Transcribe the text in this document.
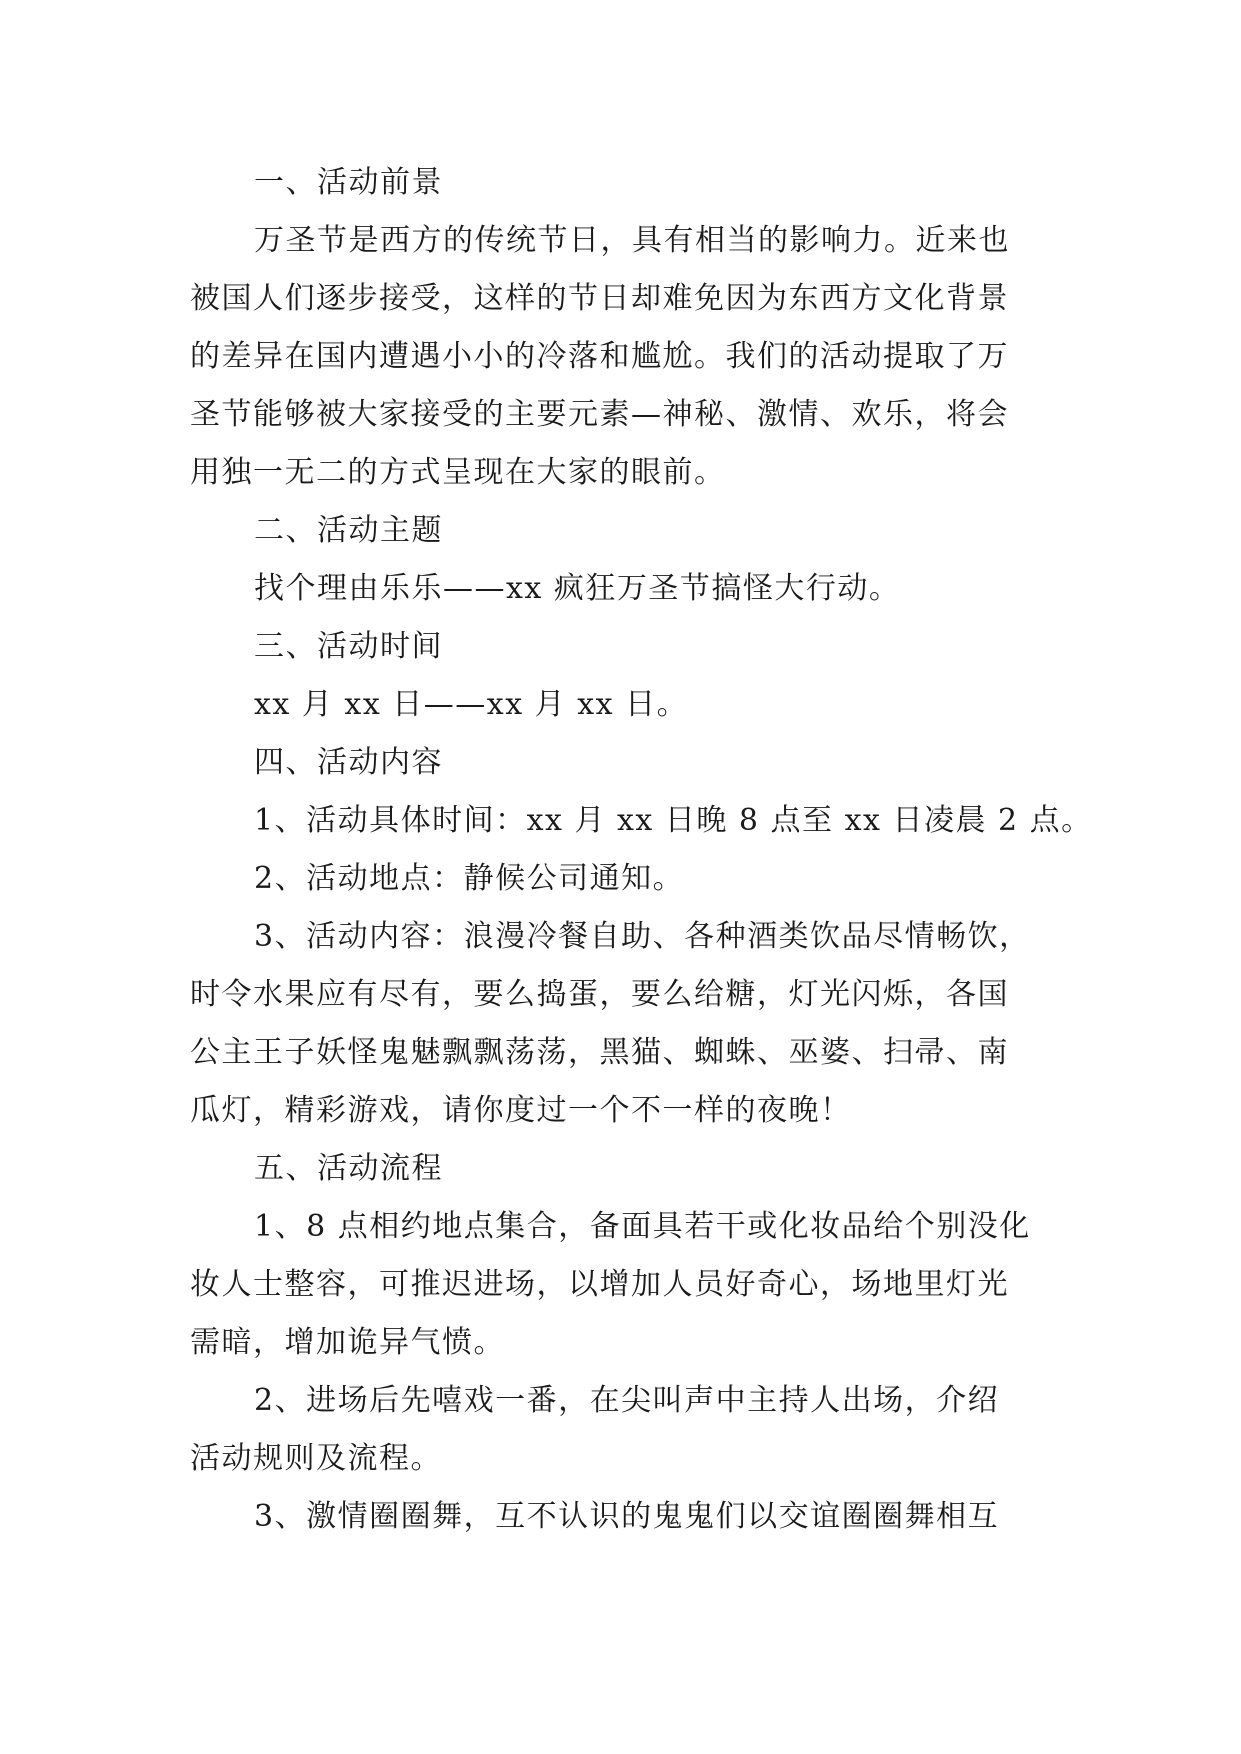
一、活动前景
万圣节是西方的传统节日，具有相当的影响力。近来也
被国人们逐步接受，这样的节日却难免因为东西方文化背景
的差异在国内遭遇小小的冷落和尴尬。我们的活动提取了万
圣节能够被大家接受的主要元素—神秘、激情、欢乐，将会
用独一无二的方式呈现在大家的眼前。
二、活动主题
找个理由乐乐——xx 疯狂万圣节搞怪大行动。
三、活动时间
xx 月 xx 日——xx 月 xx 日。
四、活动内容
1、活动具体时间：xx 月 xx 日晚 8 点至 xx 日凌晨 2 点。
2、活动地点：静候公司通知。
3、活动内容：浪漫冷餐自助、各种酒类饮品尽情畅饮，
时令水果应有尽有，要么捣蛋，要么给糖，灯光闪烁，各国
公主王子妖怪鬼魅飘飘荡荡，黑猫、蜘蛛、巫婆、扫帚、南
瓜灯，精彩游戏，请你度过一个不一样的夜晚！
五、活动流程
1、8 点相约地点集合，备面具若干或化妆品给个别没化
妆人士整容，可推迟进场，以增加人员好奇心，场地里灯光
需暗，增加诡异气愤。
2、进场后先嘻戏一番，在尖叫声中主持人出场，介绍
活动规则及流程。
3、激情圈圈舞，互不认识的鬼鬼们以交谊圈圈舞相互
